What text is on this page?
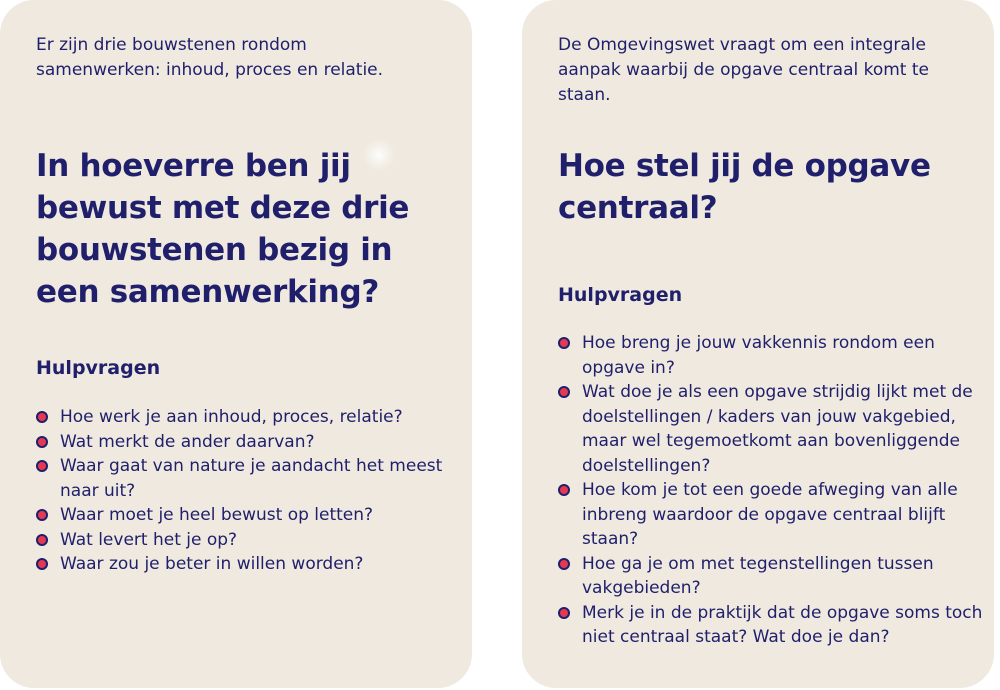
Er zijn drie bouwstenen rondom samenwerken: inhoud, proces en relatie.

In hoeverre ben jij bewust met deze drie bouwstenen bezig in een samenwerking?
Hulpvragen
Hoe werk je aan inhoud, proces, relatie?
Wat merkt de ander daarvan?
Waar gaat van nature je aandacht het meest naar uit?
Waar moet je heel bewust op letten?
Wat levert het je op?
Waar zou je beter in willen worden?

De Omgevingswet vraagt om een integrale aanpak waarbij de opgave centraal komt te staan.

Hoe stel jij de opgave centraal?
Hulpvragen
Hoe breng je jouw vakkennis rondom een opgave in?
Wat doe je als een opgave strijdig lijkt met de doelstellingen / kaders van jouw vakgebied, maar wel tegemoetkomt aan bovenliggende doelstellingen?
Hoe kom je tot een goede afweging van alle inbreng waardoor de opgave centraal blijft staan?
Hoe ga je om met tegenstellingen tussen vakgebieden?
Merk je in de praktijk dat de opgave soms toch niet centraal staat? Wat doe je dan?
